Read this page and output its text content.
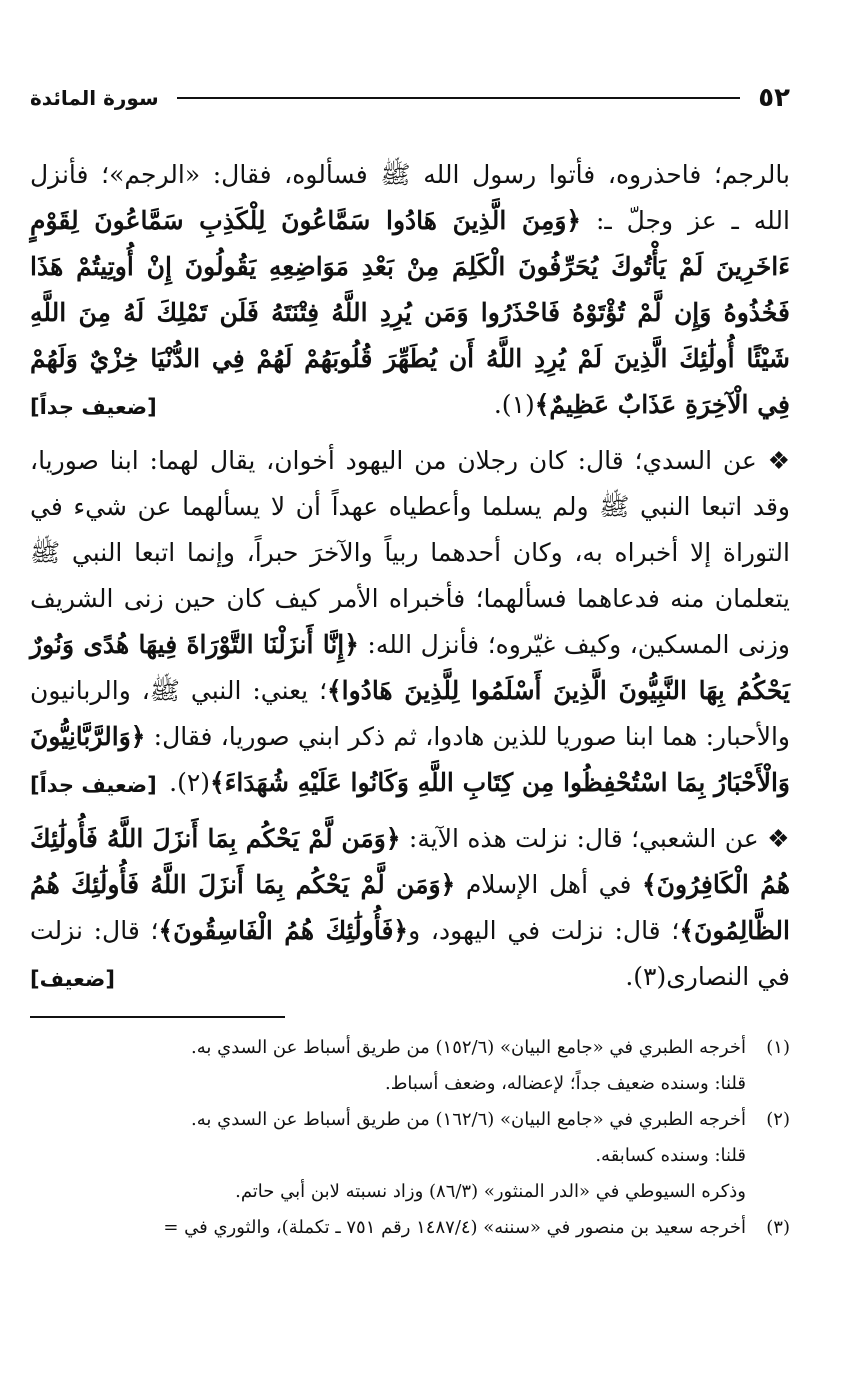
٥٢
سورة المائدة

بالرجم؛ فاحذروه، فأتوا رسول الله ﷺ فسألوه، فقال: «الرجم»؛ فأنزل الله ـ عز وجلّ ـ: ﴿وَمِنَ الَّذِينَ هَادُوا سَمَّاعُونَ لِلْكَذِبِ سَمَّاعُونَ لِقَوْمٍ ءَاخَرِينَ لَمْ يَأْتُوكَ يُحَرِّفُونَ الْكَلِمَ مِنْ بَعْدِ مَوَاضِعِهِ يَقُولُونَ إِنْ أُوتِيتُمْ هَذَا فَخُذُوهُ وَإِن لَّمْ تُؤْتَوْهُ فَاحْذَرُوا وَمَن يُرِدِ اللَّهُ فِتْنَتَهُ فَلَن تَمْلِكَ لَهُ مِنَ اللَّهِ شَيْئًا أُولَٰئِكَ الَّذِينَ لَمْ يُرِدِ اللَّهُ أَن يُطَهِّرَ قُلُوبَهُمْ لَهُمْ فِي الدُّنْيَا خِزْيٌ وَلَهُمْ فِي الْآخِرَةِ عَذَابٌ عَظِيمٌ﴾(١).
[ضعيف جداً]

❖ عن السدي؛ قال: كان رجلان من اليهود أخوان، يقال لهما: ابنا صوريا، وقد اتبعا النبي ﷺ ولم يسلما وأعطياه عهداً أن لا يسألهما عن شيء في التوراة إلا أخبراه به، وكان أحدهما ربياً والآخرَ حبراً، وإنما اتبعا النبي ﷺ يتعلمان منه فدعاهما فسألهما؛ فأخبراه الأمر كيف كان حين زنى الشريف وزنى المسكين، وكيف غيّروه؛ فأنزل الله: ﴿إِنَّا أَنزَلْنَا التَّوْرَاةَ فِيهَا هُدًى وَنُورٌ يَحْكُمُ بِهَا النَّبِيُّونَ الَّذِينَ أَسْلَمُوا لِلَّذِينَ هَادُوا﴾؛ يعني: النبي ﷺ، والربانيون والأحبار: هما ابنا صوريا للذين هادوا، ثم ذكر ابني صوريا، فقال: ﴿وَالرَّبَّانِيُّونَ وَالْأَحْبَارُ بِمَا اسْتُحْفِظُوا مِن كِتَابِ اللَّهِ وَكَانُوا عَلَيْهِ شُهَدَاءَ﴾(٢).
[ضعيف جداً]

❖ عن الشعبي؛ قال: نزلت هذه الآية: ﴿وَمَن لَّمْ يَحْكُم بِمَا أَنزَلَ اللَّهُ فَأُولَٰئِكَ هُمُ الْكَافِرُونَ﴾ في أهل الإسلام ﴿وَمَن لَّمْ يَحْكُم بِمَا أَنزَلَ اللَّهُ فَأُولَٰئِكَ هُمُ الظَّالِمُونَ﴾؛ قال: نزلت في اليهود، و﴿فَأُولَٰئِكَ هُمُ الْفَاسِقُونَ﴾؛ قال: نزلت في النصارى(٣).
[ضعيف]

(١)
أخرجه الطبري في «جامع البيان» (١٥٢/٦) من طريق أسباط عن السدي به.
قلنا: وسنده ضعيف جداً؛ لإعضاله، وضعف أسباط.
(٢)
أخرجه الطبري في «جامع البيان» (١٦٢/٦) من طريق أسباط عن السدي به.
قلنا: وسنده كسابقه.
وذكره السيوطي في «الدر المنثور» (٨٦/٣) وزاد نسبته لابن أبي حاتم.
(٣)
أخرجه سعيد بن منصور في «سننه» (١٤٨٧/٤ رقم ٧٥١ ـ تكملة)، والثوري في =
